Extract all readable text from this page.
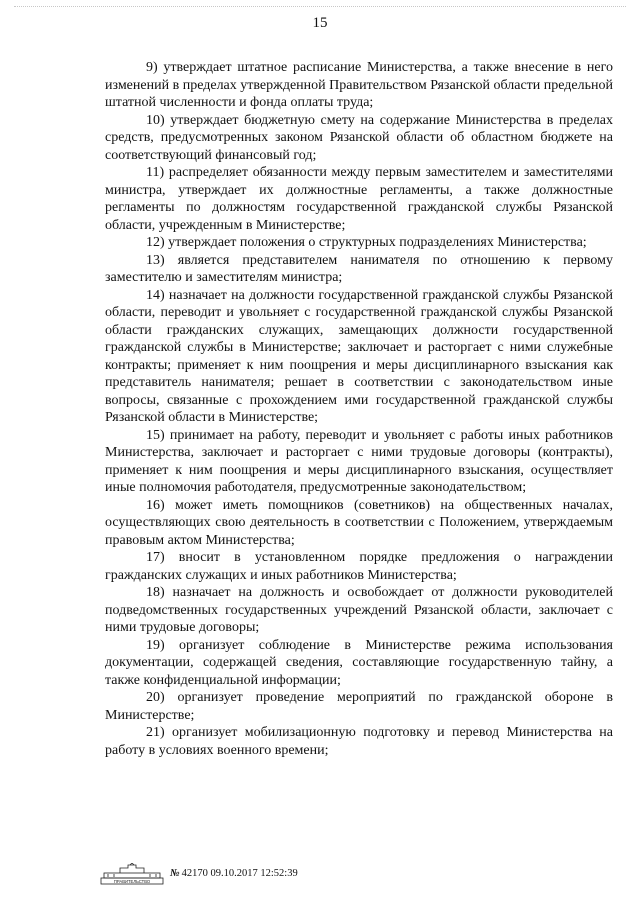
15

9) утверждает штатное расписание Министерства, а также внесение в него изменений в пределах утвержденной Правительством Рязанской области предельной штатной численности и фонда оплаты труда;

10) утверждает бюджетную смету на содержание Министерства в пределах средств, предусмотренных законом Рязанской области об областном бюджете на соответствующий финансовый год;

11) распределяет обязанности между первым заместителем и заместителями министра, утверждает их должностные регламенты, а также должностные регламенты по должностям государственной гражданской службы Рязанской области, учрежденным в Министерстве;

12) утверждает положения о структурных подразделениях Министерства;

13) является представителем нанимателя по отношению к первому заместителю и заместителям министра;

14) назначает на должности государственной гражданской службы Рязанской области, переводит и увольняет с государственной гражданской службы Рязанской области гражданских служащих, замещающих должности государственной гражданской службы в Министерстве; заключает и расторгает с ними служебные контракты; применяет к ним поощрения и меры дисциплинарного взыскания как представитель нанимателя; решает в соответствии с законодательством иные вопросы, связанные с прохождением ими государственной гражданской службы Рязанской области в Министерстве;

15) принимает на работу, переводит и увольняет с работы иных работников Министерства, заключает и расторгает с ними трудовые договоры (контракты), применяет к ним поощрения и меры дисциплинарного взыскания, осуществляет иные полномочия работодателя, предусмотренные законодательством;

16) может иметь помощников (советников) на общественных началах, осуществляющих свою деятельность в соответствии с Положением, утверждаемым правовым актом Министерства;

17) вносит в установленном порядке предложения о награждении гражданских служащих и иных работников Министерства;

18) назначает на должность и освобождает от должности руководителей подведомственных государственных учреждений Рязанской области, заключает с ними трудовые договоры;

19) организует соблюдение в Министерстве режима использования документации, содержащей сведения, составляющие государственную тайну, а также конфиденциальной информации;

20) организует проведение мероприятий по гражданской обороне в Министерстве;

21) организует мобилизационную подготовку и перевод Министерства на работу в условиях военного времени;

ПРАВИТЕЛЬСТВО
№ 42170 09.10.2017 12:52:39
